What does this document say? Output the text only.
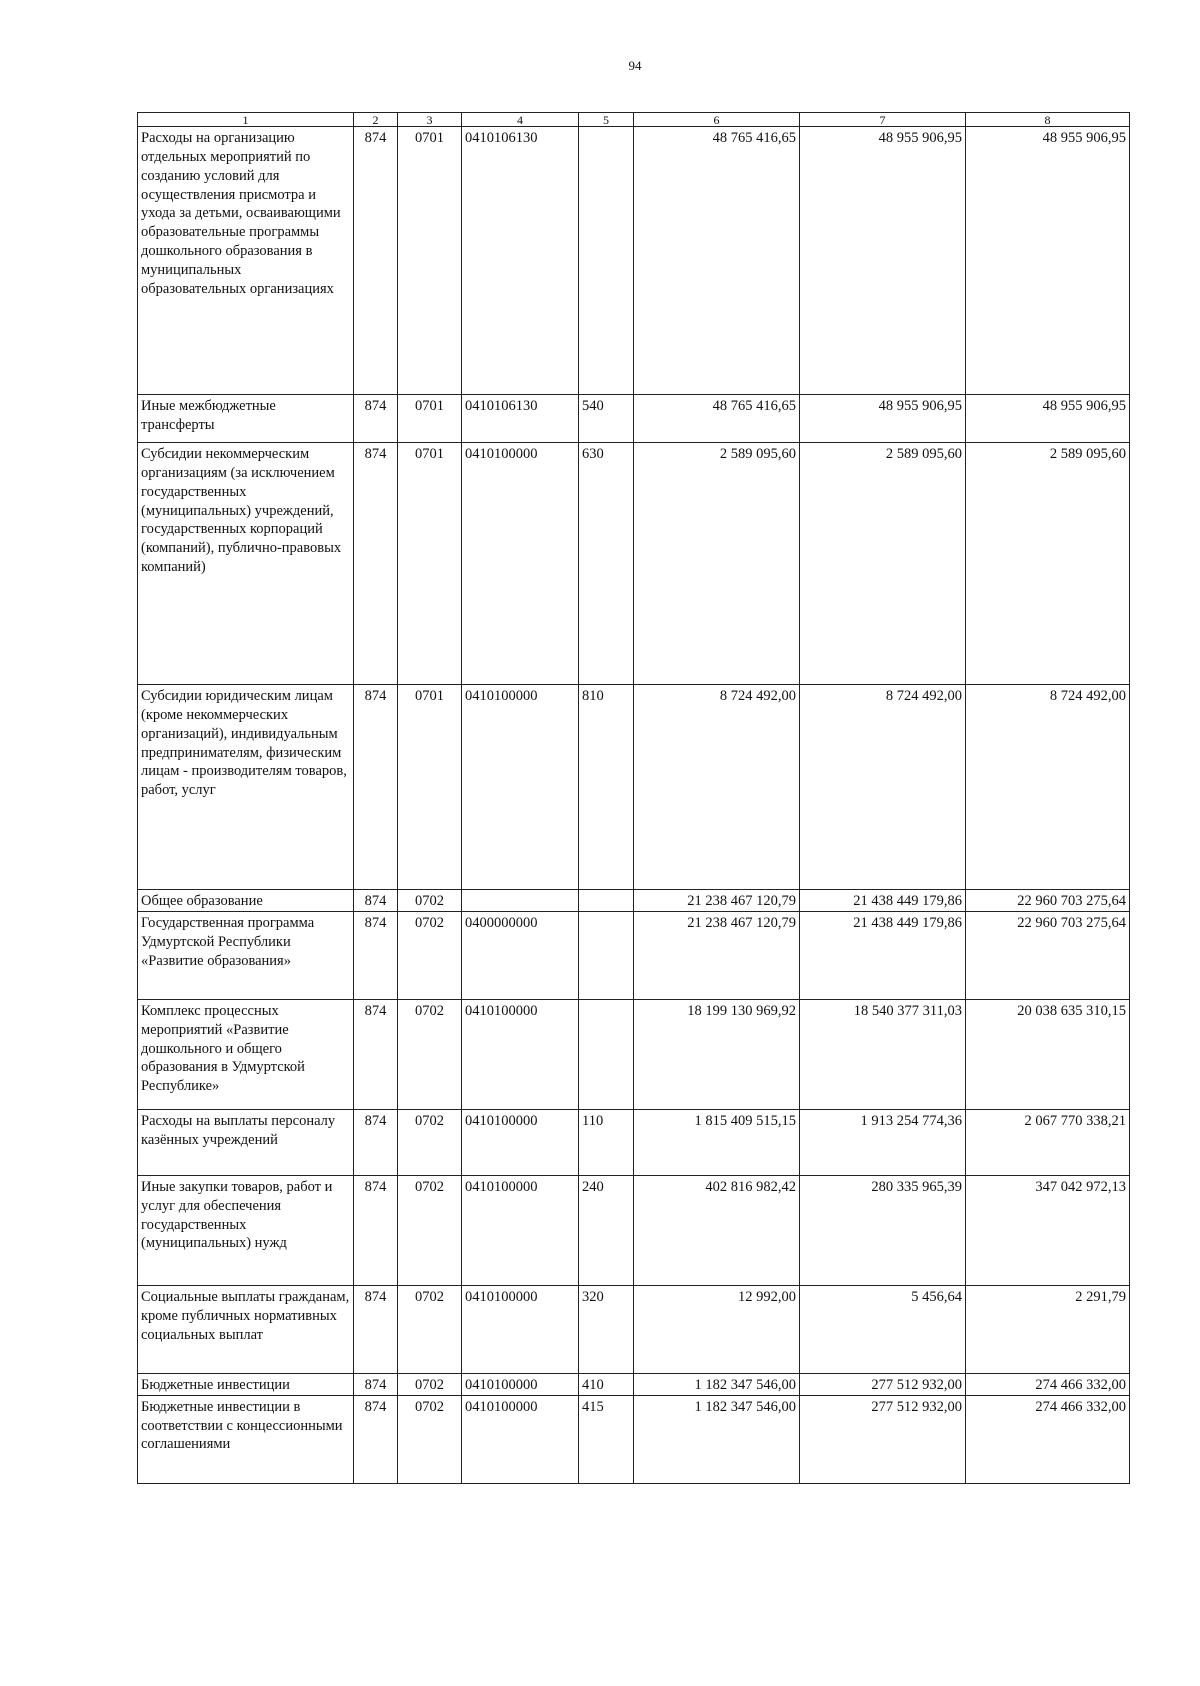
94
1	2	3	4	5	6	7	8
Расходы на организацию отдельных мероприятий по созданию условий для осуществления присмотра и ухода за детьми, осваивающими образовательные программы дошкольного образования в муниципальных образовательных организациях	874	0701	0410106130		48 765 416,65	48 955 906,95	48 955 906,95
Иные межбюджетные трансферты	874	0701	0410106130	540	48 765 416,65	48 955 906,95	48 955 906,95
Субсидии некоммерческим организациям (за исключением государственных (муниципальных) учреждений, государственных корпораций (компаний), публично-правовых компаний)	874	0701	0410100000	630	2 589 095,60	2 589 095,60	2 589 095,60
Субсидии юридическим лицам (кроме некоммерческих организаций), индивидуальным предпринимателям, физическим лицам - производителям товаров, работ, услуг	874	0701	0410100000	810	8 724 492,00	8 724 492,00	8 724 492,00
Общее образование	874	0702			21 238 467 120,79	21 438 449 179,86	22 960 703 275,64
Государственная программа Удмуртской Республики «Развитие образования»	874	0702	0400000000		21 238 467 120,79	21 438 449 179,86	22 960 703 275,64
Комплекс процессных мероприятий «Развитие дошкольного и общего образования в Удмуртской Республике»	874	0702	0410100000		18 199 130 969,92	18 540 377 311,03	20 038 635 310,15
Расходы на выплаты персоналу казённых учреждений	874	0702	0410100000	110	1 815 409 515,15	1 913 254 774,36	2 067 770 338,21
Иные закупки товаров, работ и услуг для обеспечения государственных (муниципальных) нужд	874	0702	0410100000	240	402 816 982,42	280 335 965,39	347 042 972,13
Социальные выплаты гражданам, кроме публичных нормативных социальных выплат	874	0702	0410100000	320	12 992,00	5 456,64	2 291,79
Бюджетные инвестиции	874	0702	0410100000	410	1 182 347 546,00	277 512 932,00	274 466 332,00
Бюджетные инвестиции в соответствии с концессионными соглашениями	874	0702	0410100000	415	1 182 347 546,00	277 512 932,00	274 466 332,00
